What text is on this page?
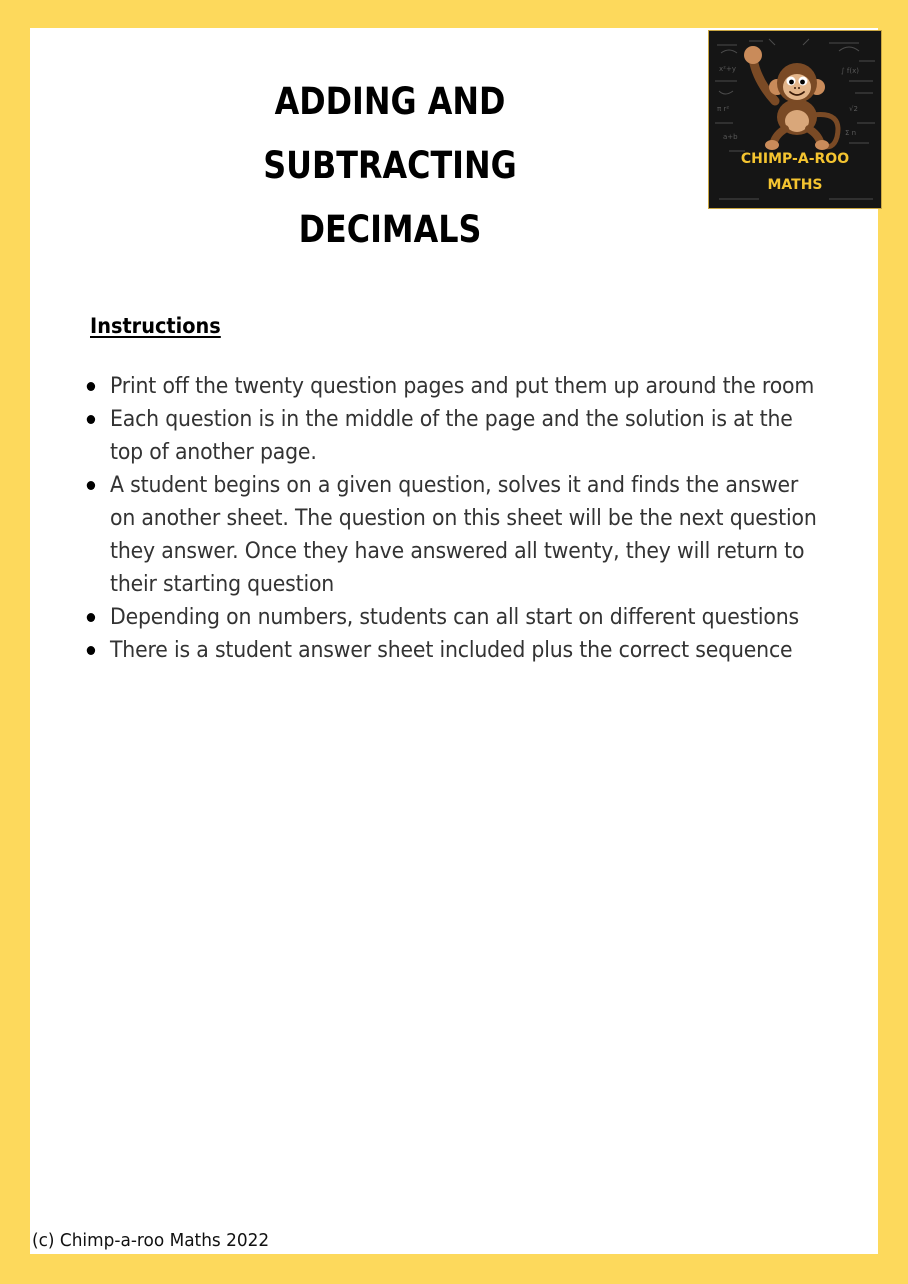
ADDING AND SUBTRACTING
DECIMALS
x²+y	∫ f(x)
π r²	√2
a+b	Σ n
CHIMP-A-ROO
MATHS
Instructions
Print off the twenty question pages and put them up around the room
Each question is in the middle of the page and the solution is at the top of another page.
A student begins on a given question, solves it and finds the answer on another sheet. The question on this sheet will be the next question they answer. Once they have answered all twenty, they will return to their starting question
Depending on numbers, students can all start on different questions
There is a student answer sheet included plus the correct sequence

(c) Chimp-a-roo Maths 2022
